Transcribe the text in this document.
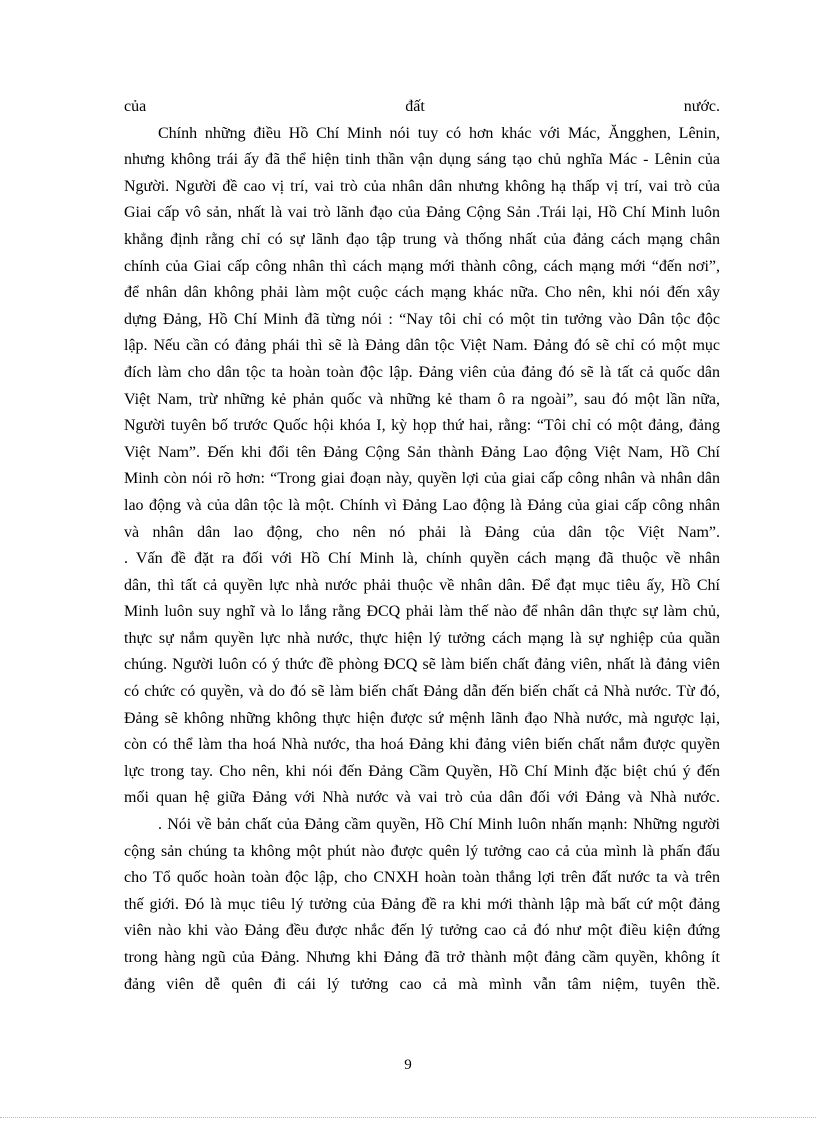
của đất nước.
Chính những điều Hồ Chí Minh nói tuy có hơn khác với Mác, Ăngghen, Lênin,
nhưng không trái ấy đã thể hiện tinh thần vận dụng sáng tạo chủ nghĩa Mác - Lênin của
Người. Người đề cao vị trí, vai trò của nhân dân nhưng không hạ thấp vị trí, vai trò của
Giai cấp vô sản, nhất là vai trò lãnh đạo của Đảng Cộng Sản .Trái lại, Hồ Chí Minh luôn
khẳng định rằng chỉ có sự lãnh đạo tập trung và thống nhất của đảng cách mạng chân
chính của Giai cấp công nhân thì cách mạng mới thành công, cách mạng mới “đến nơi”,
để nhân dân không phải làm một cuộc cách mạng khác nữa. Cho nên, khi nói đến xây
dựng Đảng, Hồ Chí Minh đã từng nói : “Nay tôi chỉ có một tin tưởng vào Dân tộc độc
lập. Nếu cần có đảng phái thì sẽ là Đảng dân tộc Việt Nam. Đảng đó sẽ chỉ có một mục
đích làm cho dân tộc ta hoàn toàn độc lập. Đảng viên của đảng đó sẽ là tất cả quốc dân
Việt Nam, trừ những kẻ phản quốc và những kẻ tham ô ra ngoài”, sau đó một lần nữa,
Người tuyên bố trước Quốc hội khóa I, kỳ họp thứ hai, rằng: “Tôi chỉ có một đảng, đảng
Việt Nam”. Đến khi đổi tên Đảng Cộng Sản thành Đảng Lao động Việt Nam, Hồ Chí
Minh còn nói rõ hơn: “Trong giai đoạn này, quyền lợi của giai cấp công nhân và nhân dân
lao động và của dân tộc là một. Chính vì Đảng Lao động là Đảng của giai cấp công nhân
và nhân dân lao động, cho nên nó phải là Đảng của dân tộc Việt Nam”.
. Vấn đề đặt ra đối với Hồ Chí Minh là, chính quyền cách mạng đã thuộc về nhân
dân, thì tất cả quyền lực nhà nước phải thuộc về nhân dân. Để đạt mục tiêu ấy, Hồ Chí
Minh luôn suy nghĩ và lo lắng rằng ĐCQ phải làm thế nào để nhân dân thực sự làm chủ,
thực sự nắm quyền lực nhà nước, thực hiện lý tưởng cách mạng là sự nghiệp của quần
chúng. Người luôn có ý thức đề phòng ĐCQ sẽ làm biến chất đảng viên, nhất là đảng viên
có chức có quyền, và do đó sẽ làm biến chất Đảng dẫn đến biến chất cả Nhà nước. Từ đó,
Đảng sẽ không những không thực hiện được sứ mệnh lãnh đạo Nhà nước, mà ngược lại,
còn có thể làm tha hoá Nhà nước, tha hoá Đảng khi đảng viên biến chất nắm được quyền
lực trong tay. Cho nên, khi nói đến Đảng Cầm Quyền, Hồ Chí Minh đặc biệt chú ý đến
mối quan hệ giữa Đảng với Nhà nước và vai trò của dân đối với Đảng và Nhà nước.
. Nói về bản chất của Đảng cầm quyền, Hồ Chí Minh luôn nhấn mạnh: Những người
cộng sản chúng ta không một phút nào được quên lý tưởng cao cả của mình là phấn đấu
cho Tổ quốc hoàn toàn độc lập, cho CNXH hoàn toàn thắng lợi trên đất nước ta và trên
thế giới. Đó là mục tiêu lý tưởng của Đảng đề ra khi mới thành lập mà bất cứ một đảng
viên nào khi vào Đảng đều được nhắc đến lý tưởng cao cả đó như một điều kiện đứng
trong hàng ngũ của Đảng. Nhưng khi Đảng đã trở thành một đảng cầm quyền, không ít
đảng viên dễ quên đi cái lý tưởng cao cả mà mình vẫn tâm niệm, tuyên thề.
9
